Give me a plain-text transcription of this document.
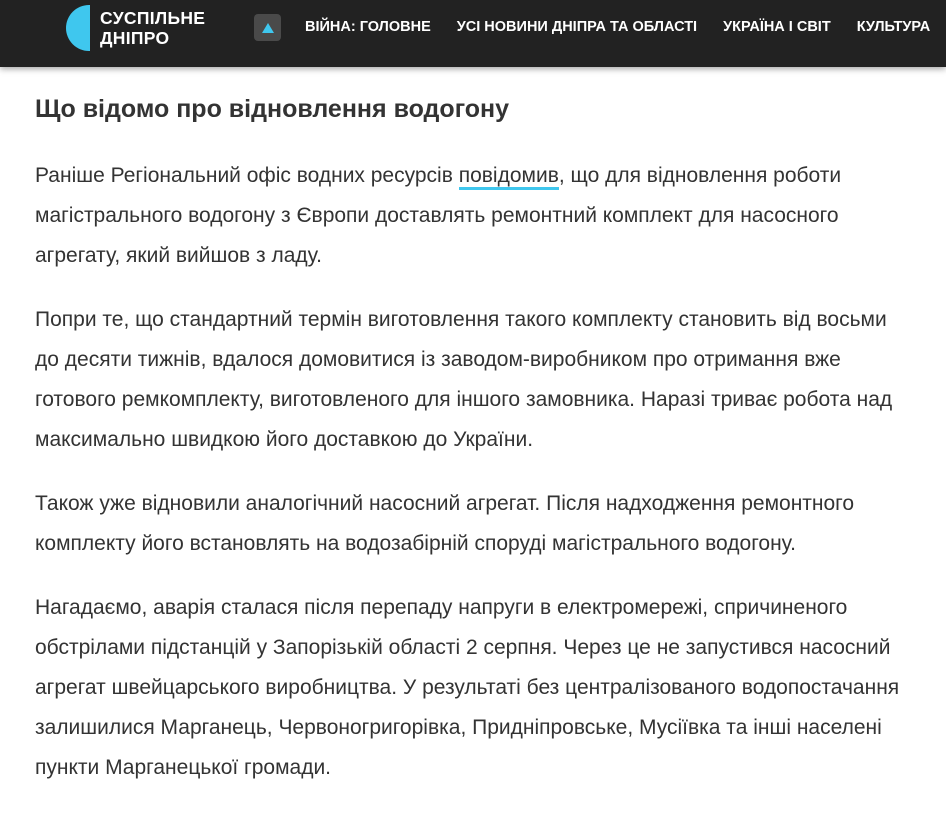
СУСПІЛЬНЕ
ДНІПРО
ВІЙНА: ГОЛОВНЕ УСІ НОВИНИ ДНІПРА ТА ОБЛАСТІ УКРАЇНА І СВІТ КУЛЬТУРА
Що відомо про відновлення водогону

Раніше Регіональний офіс водних ресурсів повідомив, що для відновлення роботи магістрального водогону з Європи доставлять ремонтний комплект для насосного агрегату, який вийшов з ладу.

Попри те, що стандартний термін виготовлення такого комплекту становить від восьми до десяти тижнів, вдалося домовитися із заводом-виробником про отримання вже готового ремкомплекту, виготовленого для іншого замовника. Наразі триває робота над максимально швидкою його доставкою до України.

Також уже відновили аналогічний насосний агрегат. Після надходження ремонтного комплекту його встановлять на водозабірній споруді магістрального водогону.

Нагадаємо, аварія сталася після перепаду напруги в електромережі, спричиненого обстрілами підстанцій у Запорізькій області 2 серпня. Через це не запустився насосний агрегат швейцарського виробництва. У результаті без централізованого водопостачання залишилися Марганець, Червоногригорівка, Придніпровське, Мусіївка та інші населені пункти Марганецької громади.
